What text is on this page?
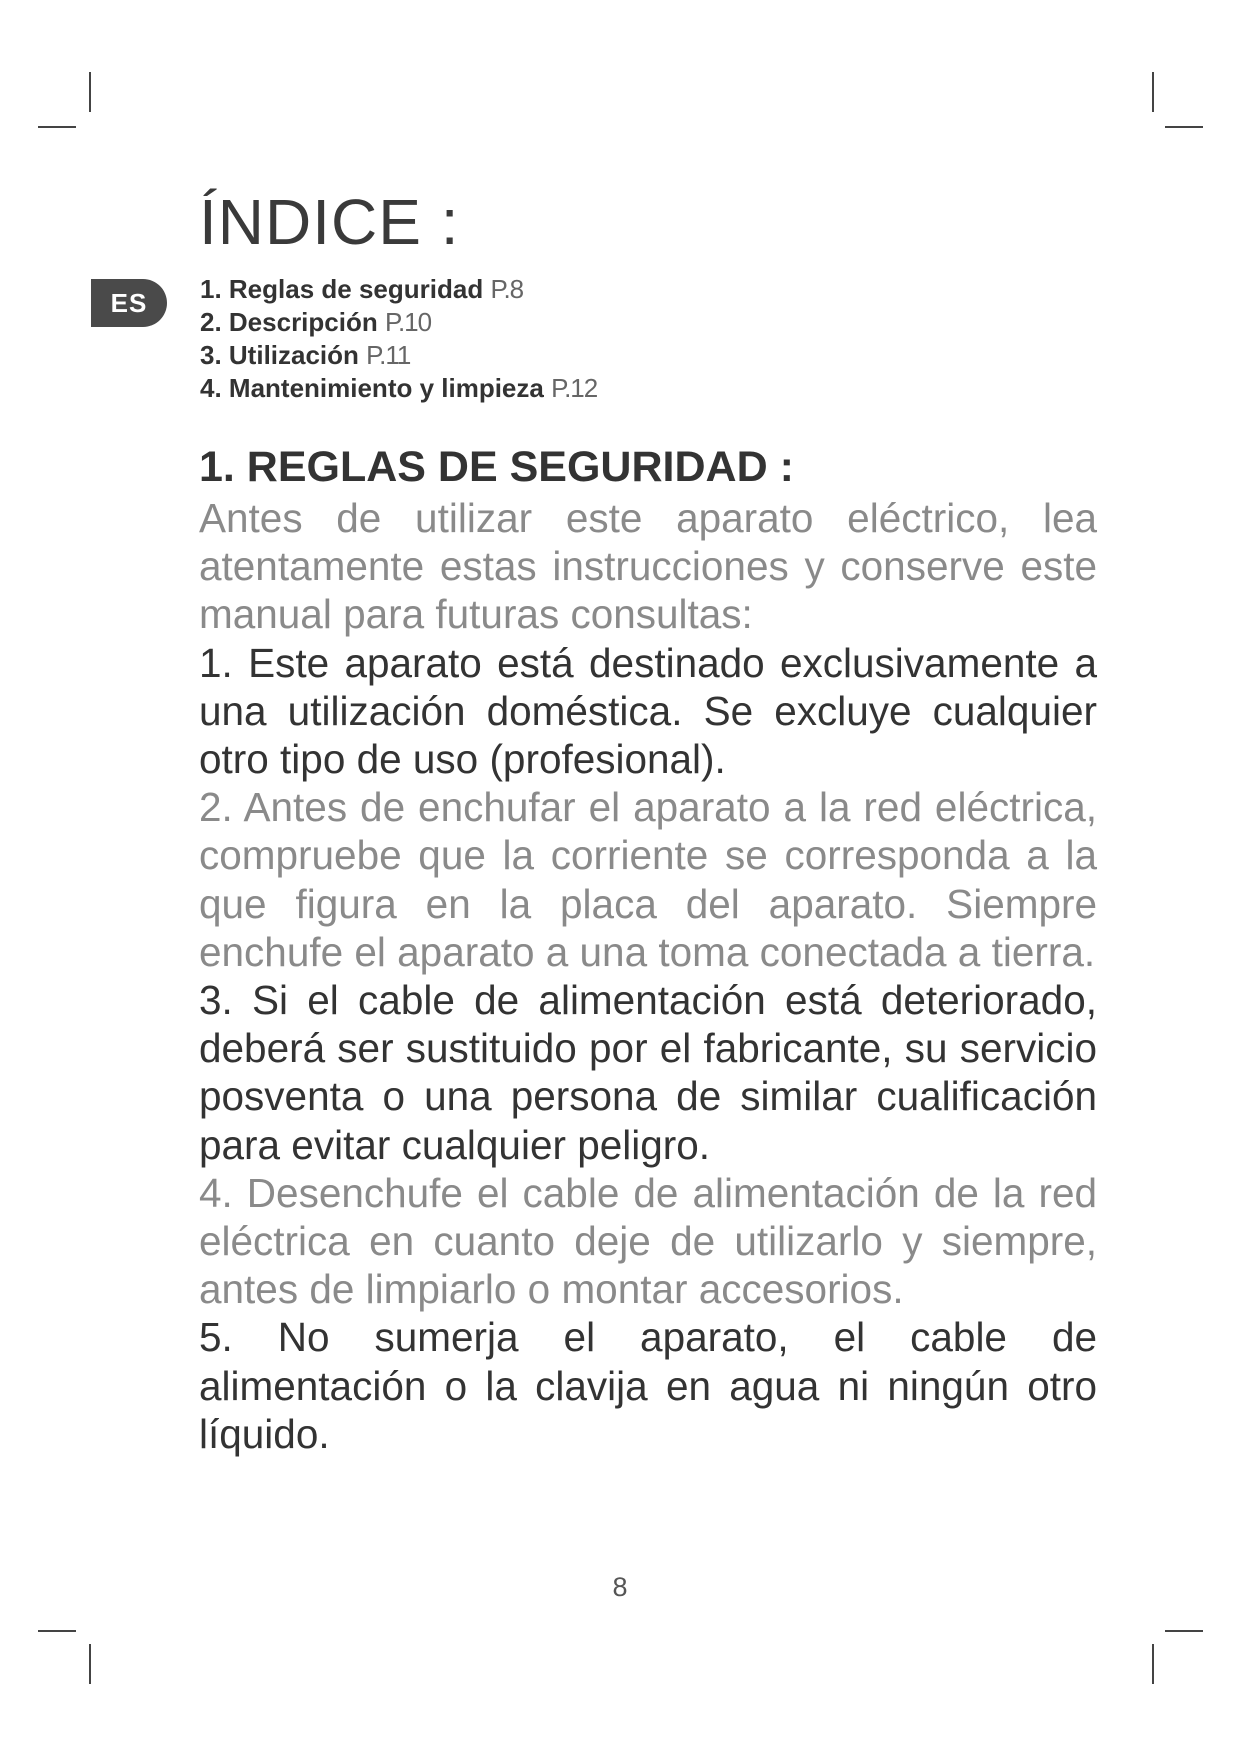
ES
ÍNDICE :
1. Reglas de seguridad P.8
2. Descripción P.10
3. Utilización P.11
4. Mantenimiento y limpieza P.12
1. REGLAS DE SEGURIDAD :

Antes de utilizar este aparato eléctrico, lea atentamente estas instrucciones y conserve este manual para futuras consultas:

1. Este aparato está destinado exclusivamente a una utilización doméstica. Se excluye cualquier otro tipo de uso (profesional).

2. Antes de enchufar el aparato a la red eléctrica, compruebe que la corriente se corresponda a la que figura en la placa del aparato. Siempre enchufe el aparato a una toma conectada a tierra.

3. Si el cable de alimentación está deteriorado, deberá ser sustituido por el fabricante, su servicio posventa o una persona de similar cualificación para evitar cualquier peligro.

4. Desenchufe el cable de alimentación de la red eléctrica en cuanto deje de utilizarlo y siempre, antes de limpiarlo o montar accesorios.

5. No sumerja el aparato, el cable de alimentación o la clavija en agua ni ningún otro líquido.

8
